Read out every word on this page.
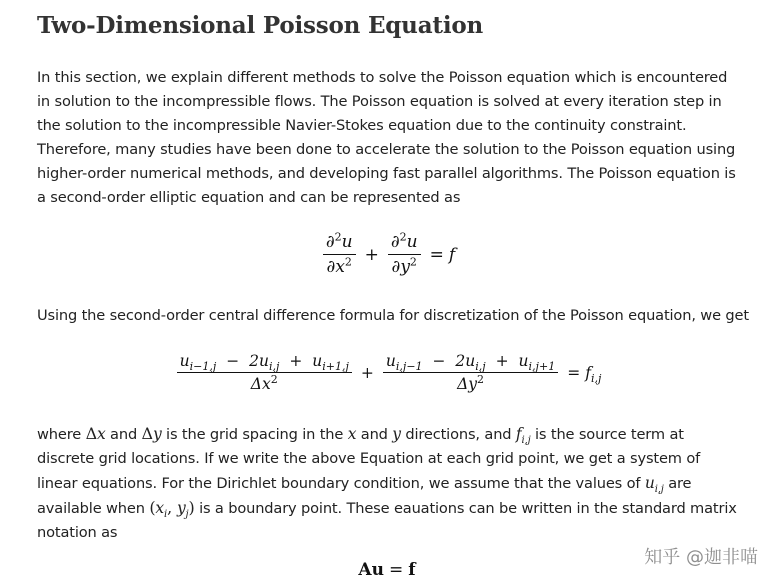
Two-Dimensional Poisson Equation

In this section, we explain different methods to solve the Poisson equation which is encountered in solution to the incompressible flows. The Poisson equation is solved at every iteration step in the solution to the incompressible Navier-Stokes equation due to the continuity constraint. Therefore, many studies have been done to accelerate the solution to the Poisson equation using higher-order numerical methods, and developing fast parallel algorithms. The Poisson equation is a second-order elliptic equation and can be represented as

$\frac{\partial^2u}{\partial x^2} + \frac{\partial^2u}{\partial y^2} = f$

Using the second-order central difference formula for discretization of the Poisson equation, we get

$\frac{u_{i-1,j} - 2u_{i,j} + u_{i+1,j}}{\Delta x^2} + \frac{u_{i,j-1} - 2u_{i,j} + u_{i,j+1}}{\Delta y^2} = f_{i,j}$

where Δx and Δy is the grid spacing in the x and y directions, and $f_{i,j}$ is the source term at discrete grid locations. If we write the above Equation at each grid point, we get a system of linear equations. For the Dirichlet boundary condition, we assume that the values of $u_{i,j}$ are available when ($x_i$, $y_j$) is a boundary point. These eauations can be written in the standard matrix notation as

Au = f
知乎 @迦非喵
